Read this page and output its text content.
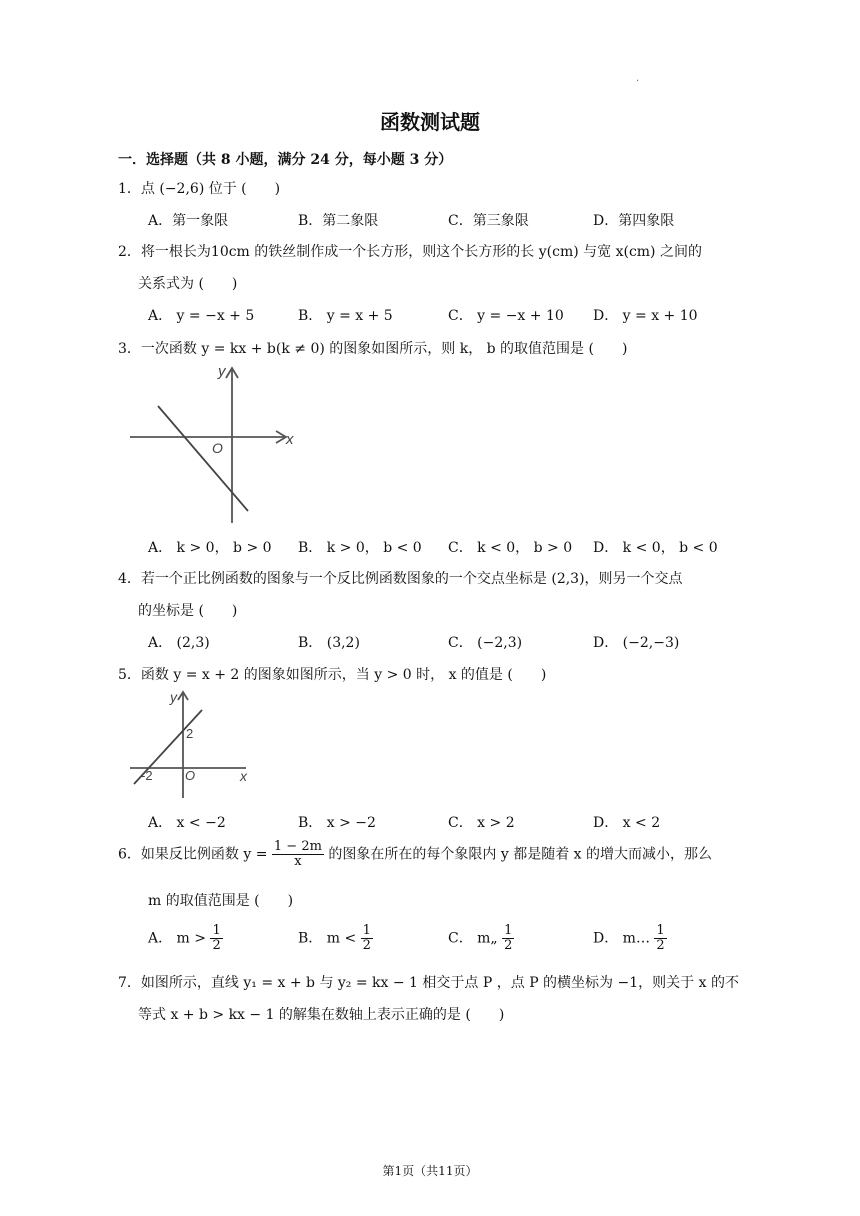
.
函数测试题
一．选择题（共 8 小题，满分 24 分，每小题 3 分）
1．点 (−2,6) 位于 (　　)
A．第一象限	B．第二象限	C．第三象限	D．第四象限
2．将一根长为10cm 的铁丝制作成一个长方形，则这个长方形的长 y(cm) 与宽 x(cm) 之间的
关系式为 (　　)
A． y = −x + 5	B． y = x + 5	C． y = −x + 10 D． y = x + 10
3．一次函数 y = kx + b(k ≠ 0) 的图象如图所示，则 k， b 的取值范围是 (　　)
x
y
O
A． k > 0， b > 0 B． k > 0， b < 0 C． k < 0， b > 0 D． k < 0， b < 0
4．若一个正比例函数的图象与一个反比例函数图象的一个交点坐标是 (2,3)，则另一个交点
的坐标是 (　　)
A． (2,3)	B． (3,2)	C． (−2,3)	D． (−2,−3)
5．函数 y = x + 2 的图象如图所示，当 y > 0 时， x 的值是 (　　)
x
y
O
-2
2
A． x < −2	B． x > −2	C． x > 2	D． x < 2
6．如果反比例函数 $y = \frac{1 - 2m}{x}$ 的图象在所在的每个象限内 y 都是随着 x 的增大而减小，那么
m 的取值范围是 (　　)
A． $m > \frac{1}{2}$	B． $m < \frac{1}{2}$	C． m„ $\frac{1}{2}$	D． m… $\frac{1}{2}$
7．如图所示，直线 y₁ = x + b 与 y₂ = kx − 1 相交于点 P ，点 P 的横坐标为 −1，则关于 x 的不
等式 x + b > kx − 1 的解集在数轴上表示正确的是 (　　)
第1页（共11页）
